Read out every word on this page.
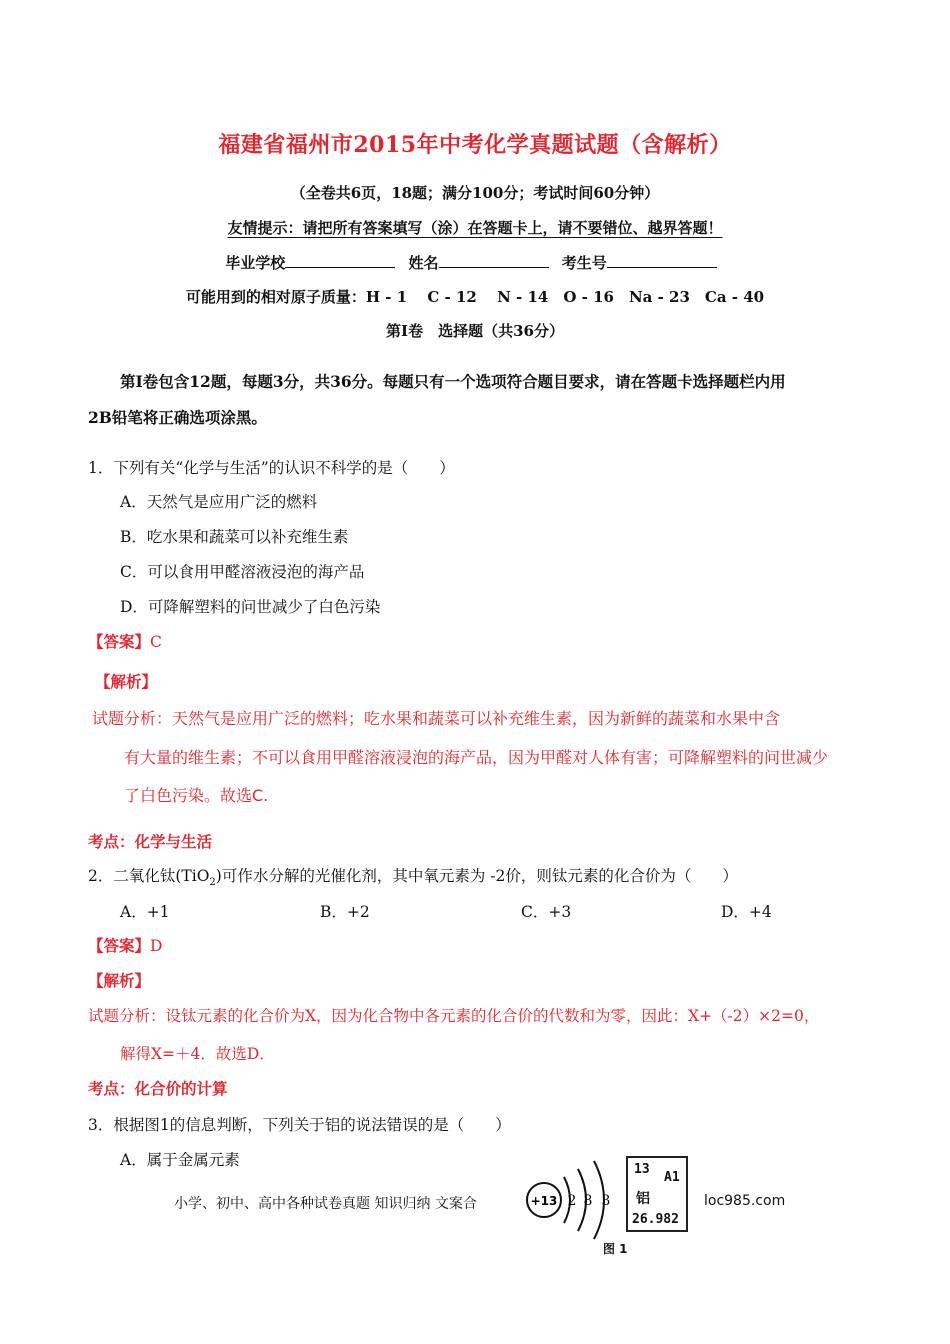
福建省福州市2015年中考化学真题试题（含解析）
（全卷共6页，18题；满分100分；考试时间60分钟）
友情提示：请把所有答案填写（涂）在答题卡上，请不要错位、越界答题！
毕业学校	姓名	考生号
可能用到的相对原子质量：H - 1　 C - 12　 N - 14　O - 16　Na - 23　Ca - 40
第Ⅰ卷　选择题（共36分）
第Ⅰ卷包含12题，每题3分，共36分。每题只有一个选项符合题目要求，请在答题卡选择题栏内用
2B铅笔将正确选项涂黑。
1．下列有关“化学与生活”的认识不科学的是（　　）
A．天然气是应用广泛的燃料
B．吃水果和蔬菜可以补充维生素
C．可以食用甲醛溶液浸泡的海产品
D．可降解塑料的问世减少了白色污染
【答案】C
【解析】
试题分析：天然气是应用广泛的燃料；吃水果和蔬菜可以补充维生素，因为新鲜的蔬菜和水果中含
有大量的维生素；不可以食用甲醛溶液浸泡的海产品，因为甲醛对人体有害；可降解塑料的问世减少
了白色污染。故选C.
考点：化学与生活
2．二氧化钛(TiO$_2$)可作水分解的光催化剂，其中氧元素为 -2价，则钛元素的化合价为（　　）
A．+1	B．+2	C．+3	D．+4
【答案】D
【解析】
试题分析：设钛元素的化合价为X，因为化合物中各元素的化合价的代数和为零，因此：X+（-2）×2=0，
解得X=＋4．故选D．
考点：化合价的计算
3．根据图1的信息判断，下列关于铝的说法错误的是（　　）
A．属于金属元素
小学、初中、高中各种试卷真题 知识归纳 文案合	loc985.com
+13 2 8 3
13
A1
铝
26.982
图 1
